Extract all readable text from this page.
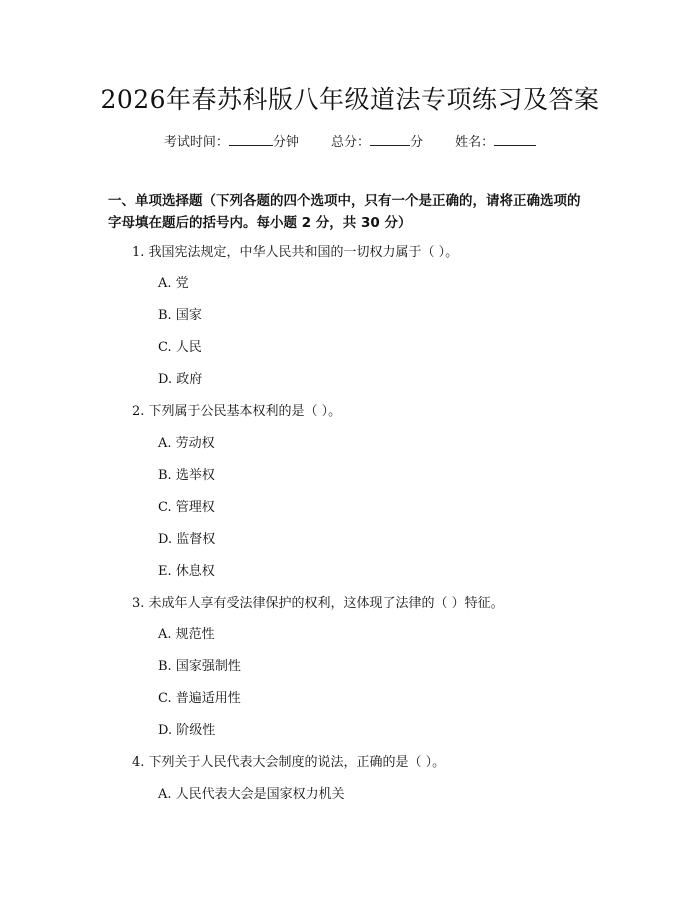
2026年春苏科版八年级道法专项练习及答案
考试时间：	分钟 总分：	分 姓名：
一、单项选择题（下列各题的四个选项中，只有一个是正确的，请将正确选项的
字母填在题后的括号内。每小题 2 分，共 30 分）
1. 我国宪法规定，中华人民共和国的一切权力属于（ ）。
A. 党
B. 国家
C. 人民
D. 政府
2. 下列属于公民基本权利的是（ ）。
A. 劳动权
B. 选举权
C. 管理权
D. 监督权
E. 休息权
3. 未成年人享有受法律保护的权利，这体现了法律的（ ）特征。
A. 规范性
B. 国家强制性
C. 普遍适用性
D. 阶级性
4. 下列关于人民代表大会制度的说法，正确的是（ ）。
A. 人民代表大会是国家权力机关
